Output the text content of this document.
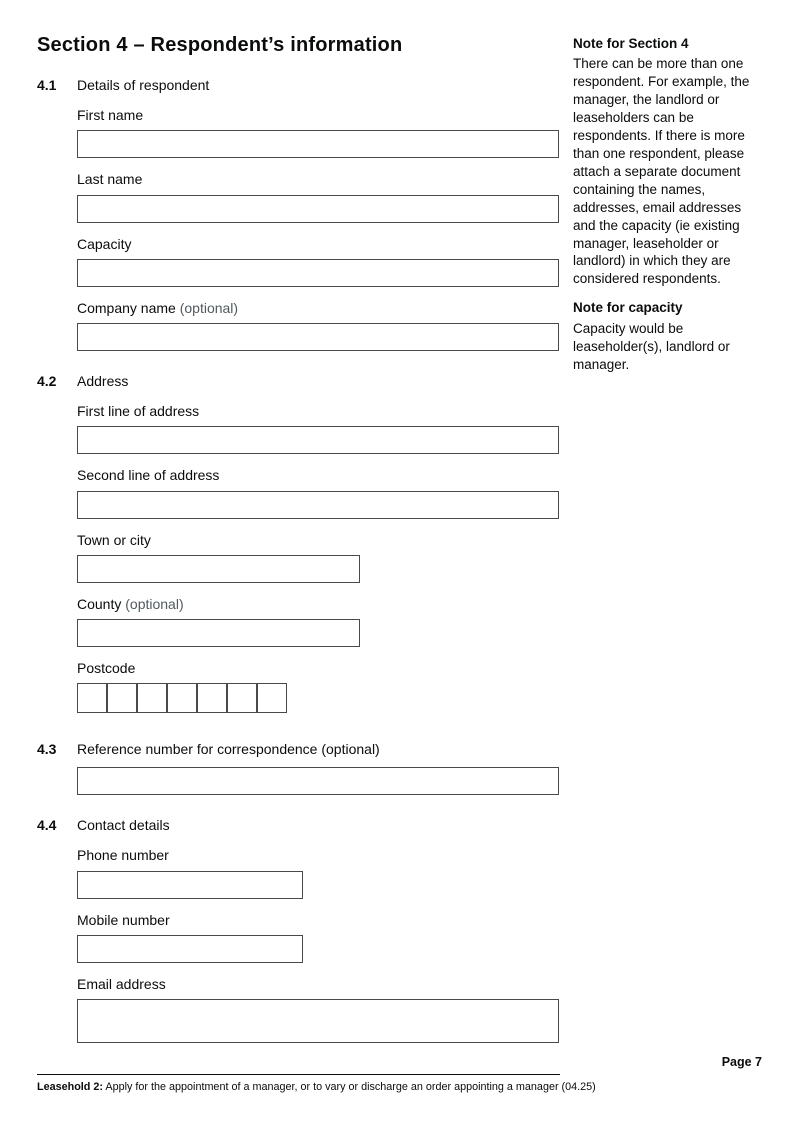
Section 4 – Respondent’s information
4.1	Details of respondent
First name
Last name
Capacity
Company name (optional)
4.2	Address
First line of address
Second line of address
Town or city
County (optional)
Postcode
4.3	Reference number for correspondence (optional)
4.4	Contact details
Phone number
Mobile number
Email address
Note for Section 4
There can be more than one respondent. For example, the manager, the landlord or leaseholders can be respondents. If there is more than one respondent, please attach a separate document containing the names, addresses, email addresses and the capacity (ie existing manager, leaseholder or landlord) in which they are considered respondents.
Note for capacity
Capacity would be leaseholder(s), landlord or manager.
Page 7
Leasehold 2: Apply for the appointment of a manager, or to vary or discharge an order appointing a manager (04.25)
